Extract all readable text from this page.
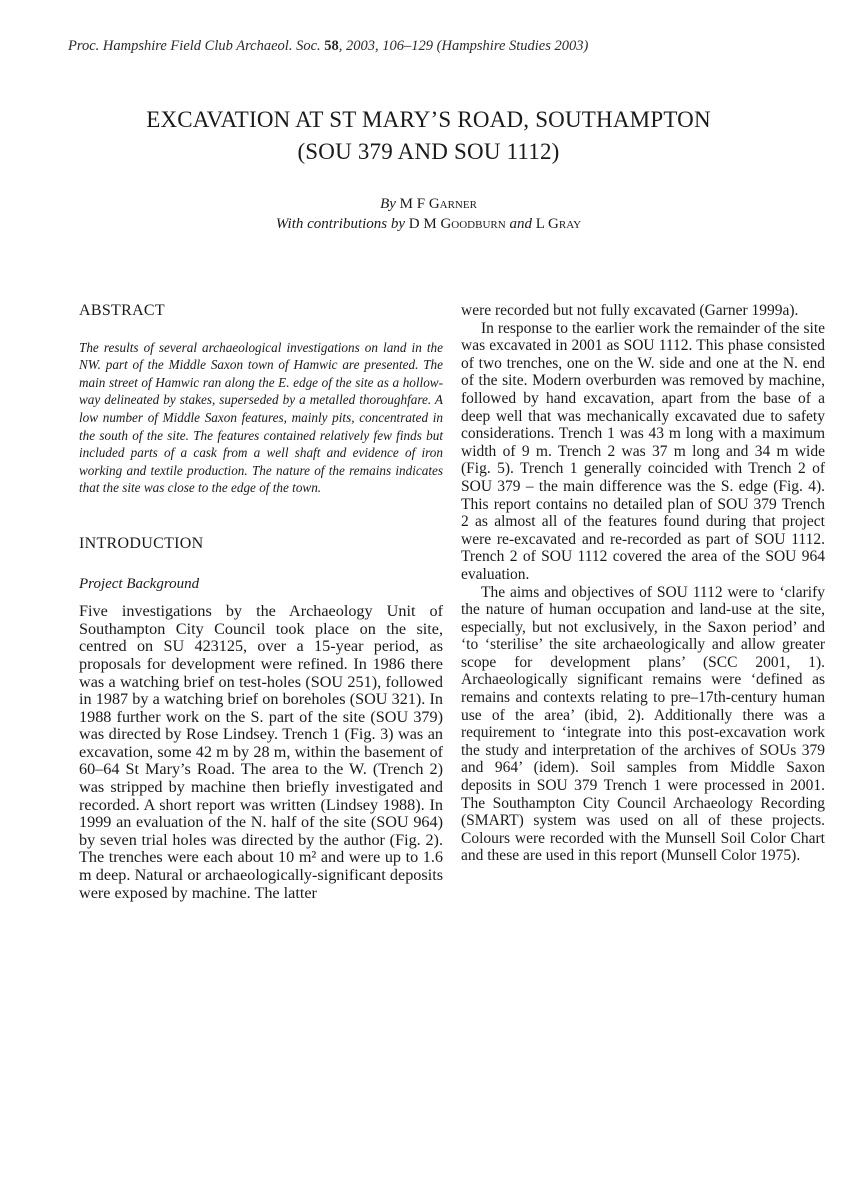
Proc. Hampshire Field Club Archaeol. Soc. 58, 2003, 106–129 (Hampshire Studies 2003)
EXCAVATION AT ST MARY’S ROAD, SOUTHAMPTON
(SOU 379 AND SOU 1112)
By M F Garner
With contributions by D M Goodburn and L Gray

ABSTRACT

The results of several archaeological investigations on land in the NW. part of the Middle Saxon town of Hamwic are presented. The main street of Hamwic ran along the E. edge of the site as a hollow-way delineated by stakes, superseded by a metalled thoroughfare. A low number of Middle Saxon features, mainly pits, concentrated in the south of the site. The features contained relatively few finds but included parts of a cask from a well shaft and evidence of iron working and textile production. The nature of the remains indicates that the site was close to the edge of the town.

INTRODUCTION

Project Background

Five investigations by the Archaeology Unit of Southampton City Council took place on the site, centred on SU 423125, over a 15-year period, as proposals for development were refined. In 1986 there was a watching brief on test-holes (SOU 251), followed in 1987 by a watching brief on boreholes (SOU 321). In 1988 further work on the S. part of the site (SOU 379) was directed by Rose Lindsey. Trench 1 (Fig. 3) was an excavation, some 42 m by 28 m, within the basement of 60–64 St Mary’s Road. The area to the W. (Trench 2) was stripped by machine then briefly investigated and recorded. A short report was written (Lindsey 1988). In 1999 an evaluation of the N. half of the site (SOU 964) by seven trial holes was directed by the author (Fig. 2). The trenches were each about 10 m² and were up to 1.6 m deep. Natural or archaeologically-significant deposits were exposed by machine. The latter

were recorded but not fully excavated (Garner 1999a).

In response to the earlier work the remainder of the site was excavated in 2001 as SOU 1112. This phase consisted of two trenches, one on the W. side and one at the N. end of the site. Modern overburden was removed by machine, followed by hand excavation, apart from the base of a deep well that was mechanically excavated due to safety considerations. Trench 1 was 43 m long with a maximum width of 9 m. Trench 2 was 37 m long and 34 m wide (Fig. 5). Trench 1 generally coincided with Trench 2 of SOU 379 – the main difference was the S. edge (Fig. 4). This report contains no detailed plan of SOU 379 Trench 2 as almost all of the features found during that project were re-excavated and re-recorded as part of SOU 1112. Trench 2 of SOU 1112 covered the area of the SOU 964 evaluation.

The aims and objectives of SOU 1112 were to ‘clarify the nature of human occupation and land-use at the site, especially, but not exclusively, in the Saxon period’ and ‘to ‘sterilise’ the site archaeologically and allow greater scope for development plans’ (SCC 2001, 1). Archaeologically significant remains were ‘defined as remains and contexts relating to pre–17th-century human use of the area’ (ibid, 2). Additionally there was a requirement to ‘integrate into this post-excavation work the study and interpretation of the archives of SOUs 379 and 964’ (idem). Soil samples from Middle Saxon deposits in SOU 379 Trench 1 were processed in 2001. The Southampton City Council Archaeology Recording (SMART) system was used on all of these projects. Colours were recorded with the Munsell Soil Color Chart and these are used in this report (Munsell Color 1975).
